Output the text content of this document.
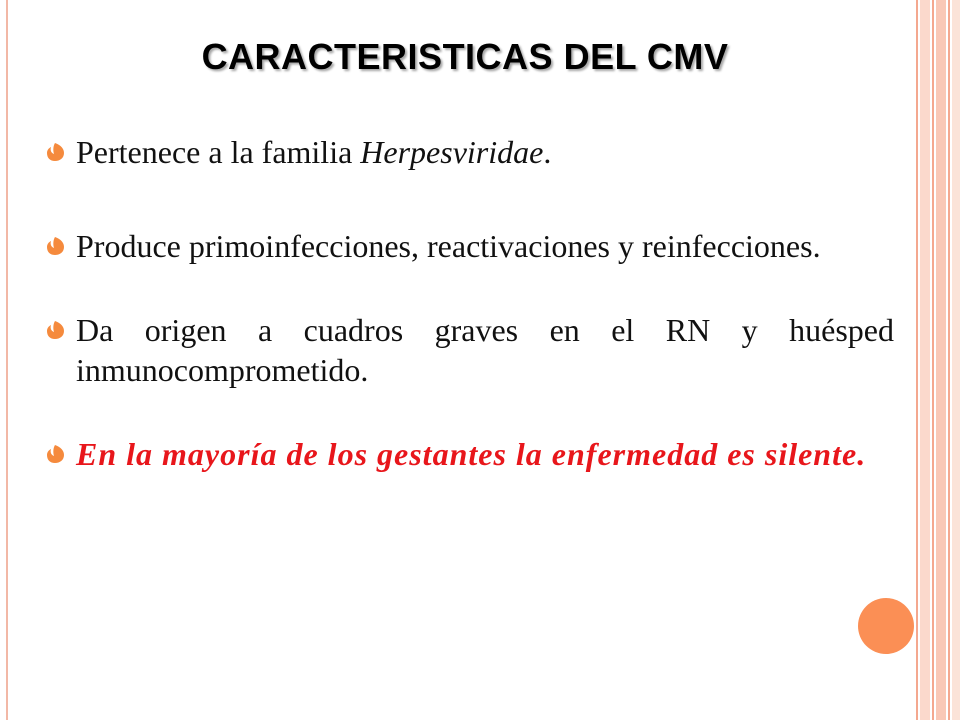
CARACTERISTICAS DEL CMV
Pertenece a la familia Herpesviridae.
Produce primoinfecciones, reactivaciones y reinfecciones.
Da origen a cuadros graves en el RN y huésped inmunocomprometido.
En la mayoría de los gestantes la enfermedad es silente.
